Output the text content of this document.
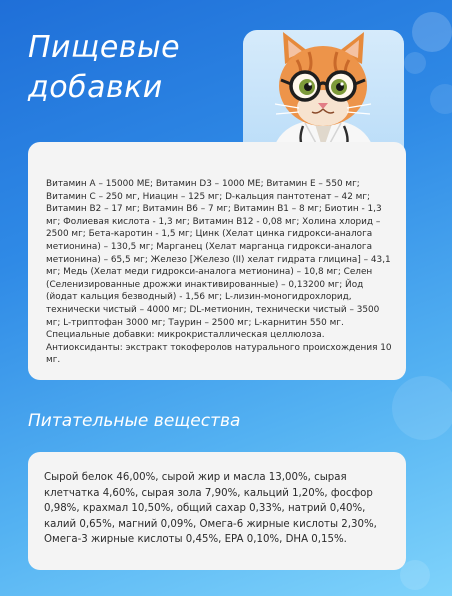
Пищевые
добавки

Витамин А – 15000 МЕ; Витамин D3 – 1000 МЕ; Витамин Е – 550 мг; Витамин С – 250 мг, Ниацин – 125 мг; D-кальция пантотенат – 42 мг; Витамин В2 – 17 мг; Витамин В6 – 7 мг; Витамин В1 – 8 мг; Биотин - 1,3 мг; Фолиевая кислота - 1,3 мг; Витамин В12 - 0,08 мг; Холина хлорид – 2500 мг; Бета-каротин - 1,5 мг; Цинк (Хелат цинка гидрокси-аналога метионина) – 130,5 мг; Марганец (Хелат марганца гидрокси-аналога метионина) – 65,5 мг; Железо [Железо (II) хелат гидрата глицина] – 43,1 мг; Медь (Хелат меди гидрокси-аналога метионина) – 10,8 мг; Селен (Селенизированные дрожжи инактивированные) – 0,13200 мг; Йод (йодат кальция безводный) - 1,56 мг; L-лизин-моногидрохлорид, технически чистый – 4000 мг; DL-метионин, технически чистый – 3500 мг; L-триптофан 3000 мг; Таурин – 2500 мг; L-карнитин 550 мг. Специальные добавки: микрокристаллическая целлюлоза. Антиоксиданты: экстракт токоферолов натурального происхождения 10 мг.

Питательные вещества

Сырой белок 46,00%, сырой жир и масла 13,00%, сырая клетчатка 4,60%, сырая зола 7,90%, кальций 1,20%, фосфор 0,98%, крахмал 10,50%, общий сахар 0,33%, натрий 0,40%, калий 0,65%, магний 0,09%, Омега-6 жирные кислоты 2,30%, Омега-3 жирные кислоты 0,45%, EPA 0,10%, DHA 0,15%.
